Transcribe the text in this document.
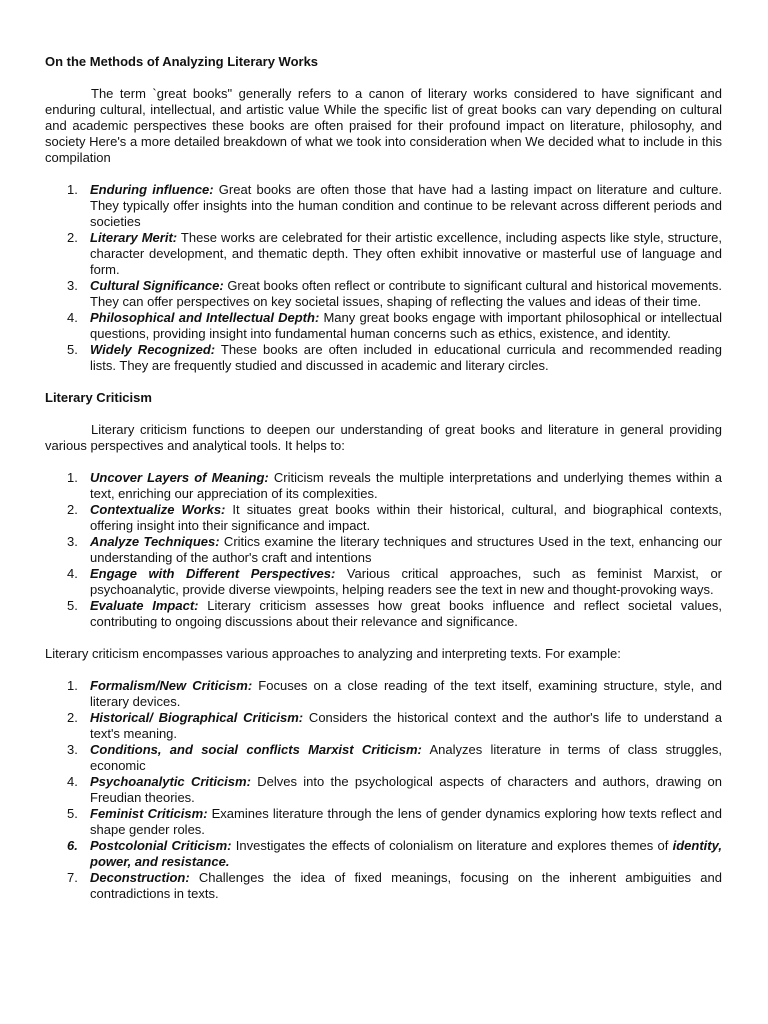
On the Methods of Analyzing Literary Works

The term `great books" generally refers to a canon of literary works considered to have significant and enduring cultural, intellectual, and artistic value While the specific list of great books can vary depending on cultural and academic perspectives these books are often praised for their profound impact on literature, philosophy, and society Here's a more detailed breakdown of what we took into consideration when We decided what to include in this compilation

1. Enduring influence: Great books are often those that have had a lasting impact on literature and culture. They typically offer insights into the human condition and continue to be relevant across different periods and societies
2. Literary Merit: These works are celebrated for their artistic excellence, including aspects like style, structure, character development, and thematic depth. They often exhibit innovative or masterful use of language and form.
3. Cultural Significance: Great books often reflect or contribute to significant cultural and historical movements. They can offer perspectives on key societal issues, shaping of reflecting the values and ideas of their time.
4. Philosophical and Intellectual Depth: Many great books engage with important philosophical or intellectual questions, providing insight into fundamental human concerns such as ethics, existence, and identity.
5. Widely Recognized: These books are often included in educational curricula and recommended reading lists. They are frequently studied and discussed in academic and literary circles.
Literary Criticism

Literary criticism functions to deepen our understanding of great books and literature in general providing various perspectives and analytical tools. It helps to:

1. Uncover Layers of Meaning: Criticism reveals the multiple interpretations and underlying themes within a text, enriching our appreciation of its complexities.
2. Contextualize Works: It situates great books within their historical, cultural, and biographical contexts, offering insight into their significance and impact.
3. Analyze Techniques: Critics examine the literary techniques and structures Used in the text, enhancing our understanding of the author's craft and intentions
4. Engage with Different Perspectives: Various critical approaches, such as feminist Marxist, or psychoanalytic, provide diverse viewpoints, helping readers see the text in new and thought-provoking ways.
5. Evaluate Impact: Literary criticism assesses how great books influence and reflect societal values, contributing to ongoing discussions about their relevance and significance.

Literary criticism encompasses various approaches to analyzing and interpreting texts. For example:

1. Formalism/New Criticism: Focuses on a close reading of the text itself, examining structure, style, and literary devices.
2. Historical/ Biographical Criticism: Considers the historical context and the author's life to understand a text's meaning.
3. Conditions, and social conflicts Marxist Criticism: Analyzes literature in terms of class struggles, economic
4. Psychoanalytic Criticism: Delves into the psychological aspects of characters and authors, drawing on Freudian theories.
5. Feminist Criticism: Examines literature through the lens of gender dynamics exploring how texts reflect and shape gender roles.
6. Postcolonial Criticism: Investigates the effects of colonialism on literature and explores themes of identity, power, and resistance.
7. Deconstruction: Challenges the idea of fixed meanings, focusing on the inherent ambiguities and contradictions in texts.
